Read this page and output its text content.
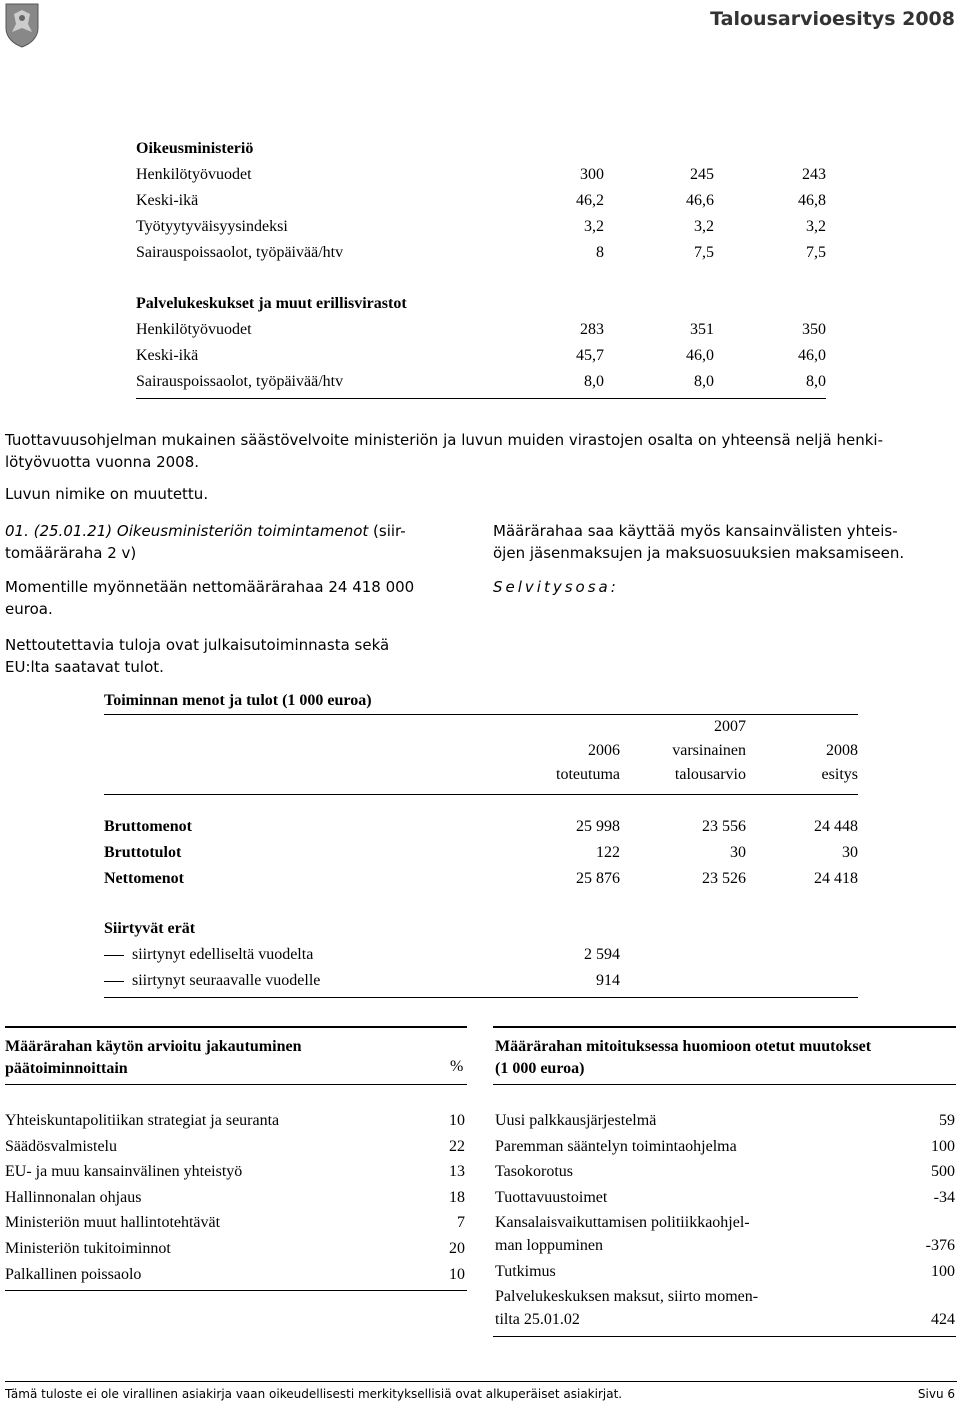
Talousarvioesitys 2008
Oikeusministeriö
Henkilötyövuodet	300	245	243
Keski-ikä	46,2	46,6	46,8
Työtyytyväisyysindeksi	3,2	3,2	3,2
Sairauspoissaolot, työpäivää/htv	8	7,5	7,5
Palvelukeskukset ja muut erillisvirastot
Henkilötyövuodet	283	351	350
Keski-ikä	45,7	46,0	46,0
Sairauspoissaolot, työpäivää/htv	8,0	8,0	8,0
Tuottavuusohjelman mukainen säästövelvoite ministeriön ja luvun muiden virastojen osalta on yhteensä neljä henki-
lötyövuotta vuonna 2008.
Luvun nimike on muutettu.
01. (25.01.21) Oikeusministeriön toimintamenot (siir-
tomääräraha 2 v)
Momentille myönnetään nettomäärärahaa 24 418 000
euroa.
Nettoutettavia tuloja ovat julkaisutoiminnasta sekä
EU:lta saatavat tulot.
Määrärahaa saa käyttää myös kansainvälisten yhteis-
öjen jäsenmaksujen ja maksuosuuksien maksamiseen.
Selvitysosa:
Toiminnan menot ja tulot (1 000 euroa)
2007
2006	varsinainen	2008
toteutuma	talousarvio	esitys
Bruttomenot	25 998	23 556	24 448
Bruttotulot	122	30	30
Nettomenot	25 876	23 526	24 418
Siirtyvät erät
siirtynyt edelliseltä vuodelta	2 594
siirtynyt seuraavalle vuodelle	914
Määrärahan käytön arvioitu jakautuminen
päätoiminnoittain	%
Yhteiskuntapolitiikan strategiat ja seuranta	10
Säädösvalmistelu	22
EU- ja muu kansainvälinen yhteistyö	13
Hallinnonalan ohjaus	18
Ministeriön muut hallintotehtävät	7
Ministeriön tukitoiminnot	20
Palkallinen poissaolo	10
Määrärahan mitoituksessa huomioon otetut muutokset
(1 000 euroa)
Uusi palkkausjärjestelmä	59
Paremman sääntelyn toimintaohjelma	100
Tasokorotus	500
Tuottavuustoimet	-34
Kansalaisvaikuttamisen politiikkaohjel-
man loppuminen	-376
Tutkimus	100
Palvelukeskuksen maksut, siirto momen-
tilta 25.01.02	424
Tämä tuloste ei ole virallinen asiakirja vaan oikeudellisesti merkityksellisiä ovat alkuperäiset asiakirjat.	Sivu 6
